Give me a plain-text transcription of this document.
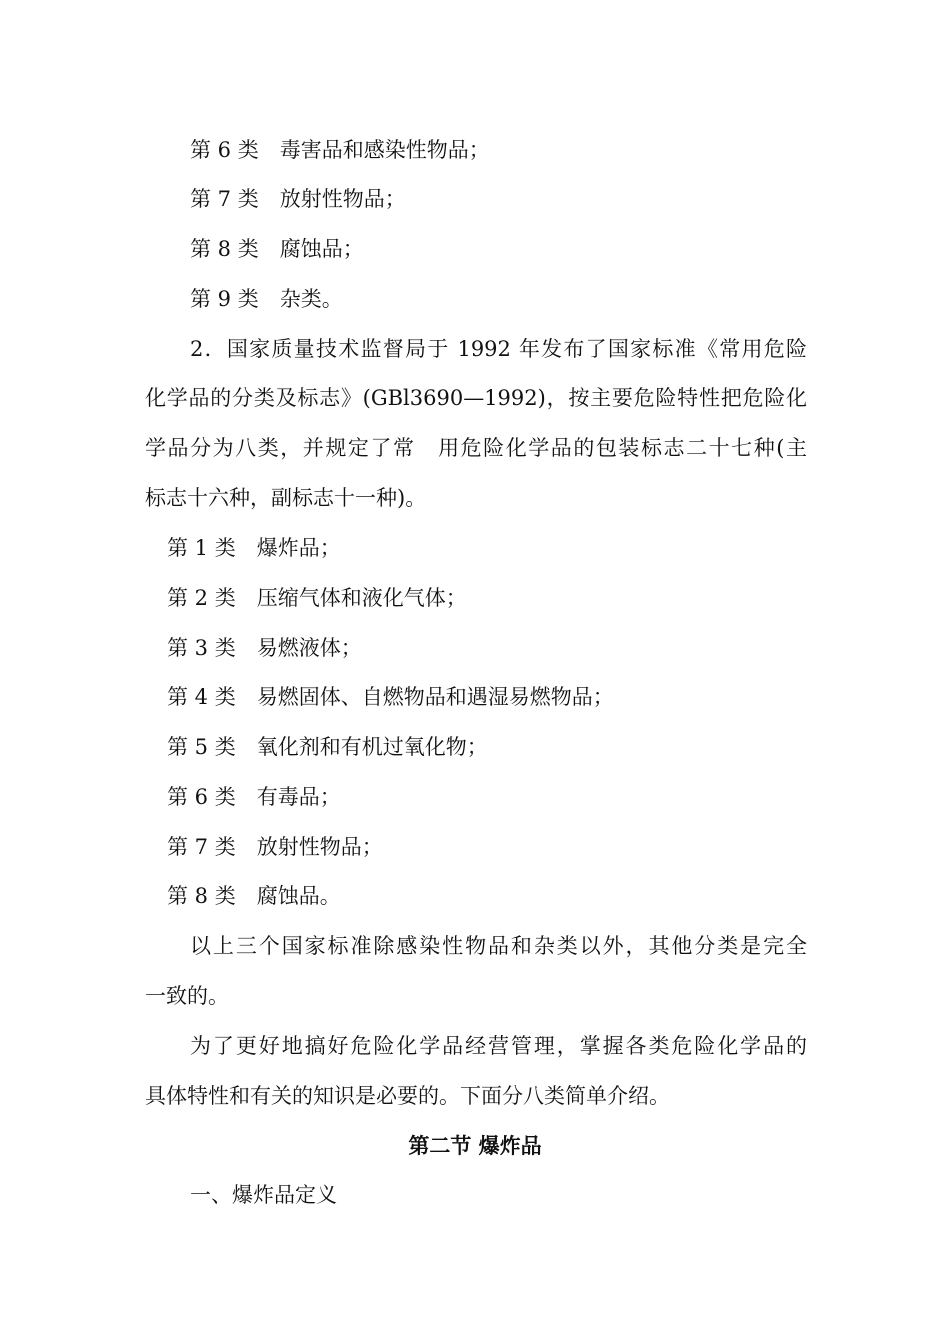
第 6 类　毒害品和感染性物品；
第 7 类　放射性物品；
第 8 类　腐蚀品；
第 9 类　杂类。
2．国家质量技术监督局于 1992 年发布了国家标准《常用危险
化学品的分类及标志》(GBl3690—1992)，按主要危险特性把危险化
学品分为八类，并规定了常　用危险化学品的包装标志二十七种(主
标志十六种，副标志十一种)。
第 1 类　爆炸品；
第 2 类　压缩气体和液化气体；
第 3 类　易燃液体；
第 4 类　易燃固体、自燃物品和遇湿易燃物品；
第 5 类　氧化剂和有机过氧化物；
第 6 类　有毒品；
第 7 类　放射性物品；
第 8 类　腐蚀品。
以上三个国家标准除感染性物品和杂类以外，其他分类是完全
一致的。
为了更好地搞好危险化学品经营管理，掌握各类危险化学品的
具体特性和有关的知识是必要的。下面分八类简单介绍。
第二节 爆炸品
一、爆炸品定义
